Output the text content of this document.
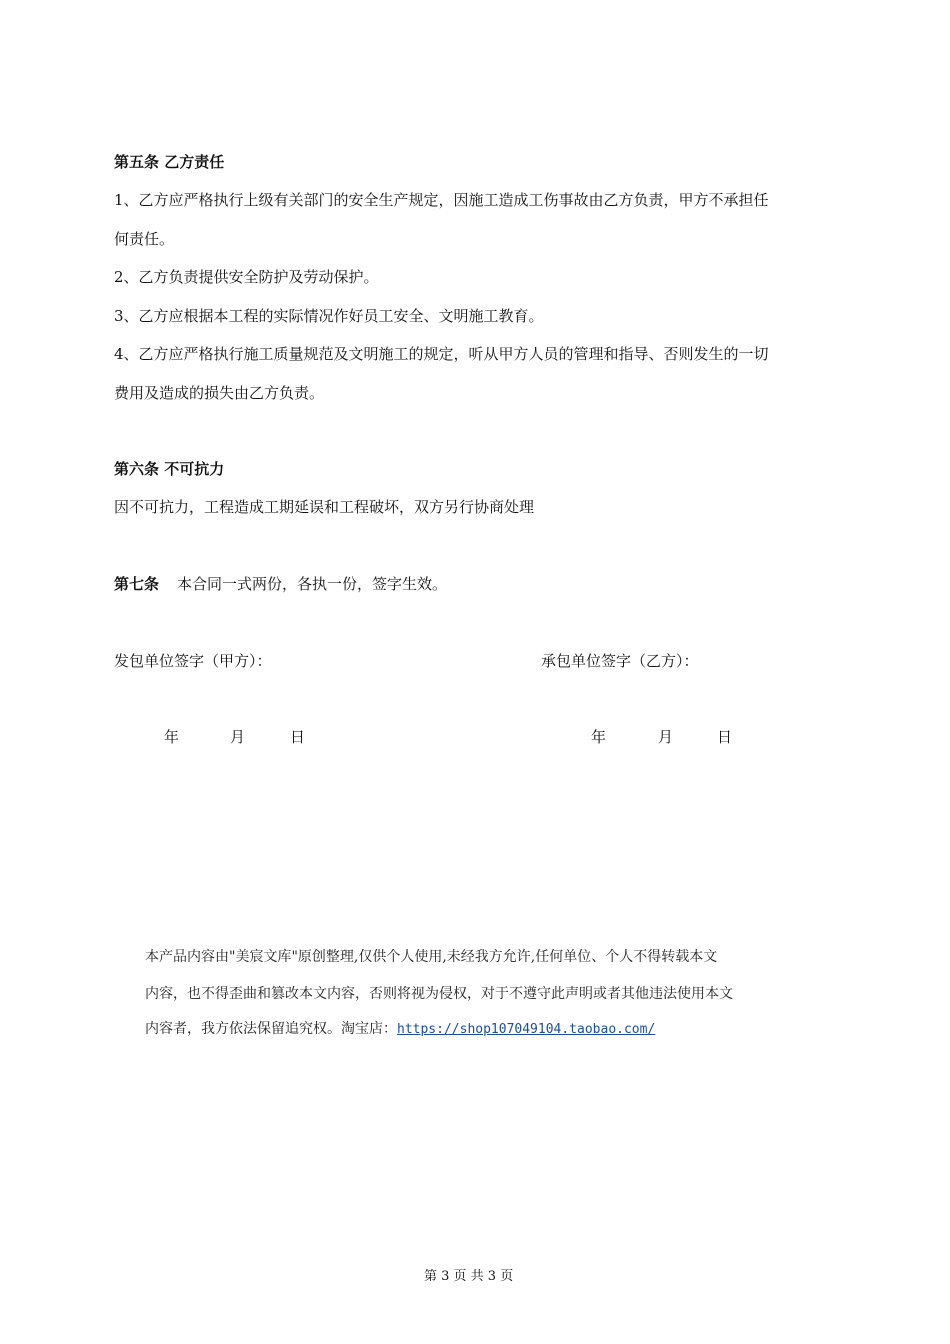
第五条 乙方责任
1、乙方应严格执行上级有关部门的安全生产规定，因施工造成工伤事故由乙方负责，甲方不承担任
何责任。
2、乙方负责提供安全防护及劳动保护。
3、乙方应根据本工程的实际情况作好员工安全、文明施工教育。
4、乙方应严格执行施工质量规范及文明施工的规定，听从甲方人员的管理和指导、否则发生的一切
费用及造成的损失由乙方负责。
第六条 不可抗力
因不可抗力，工程造成工期延误和工程破坏，双方另行协商处理
第七条 本合同一式两份，各执一份，签字生效。
发包单位签字（甲方）：	承包单位签字（乙方）：
年	月	日	年	月	日
本产品内容由"美宸文库"原创整理,仅供个人使用,未经我方允许,任何单位、个人不得转载本文
内容，也不得歪曲和篡改本文内容，否则将视为侵权，对于不遵守此声明或者其他违法使用本文
内容者，我方依法保留追究权。淘宝店：https://shop107049104.taobao.com/
第 3 页 共 3 页
